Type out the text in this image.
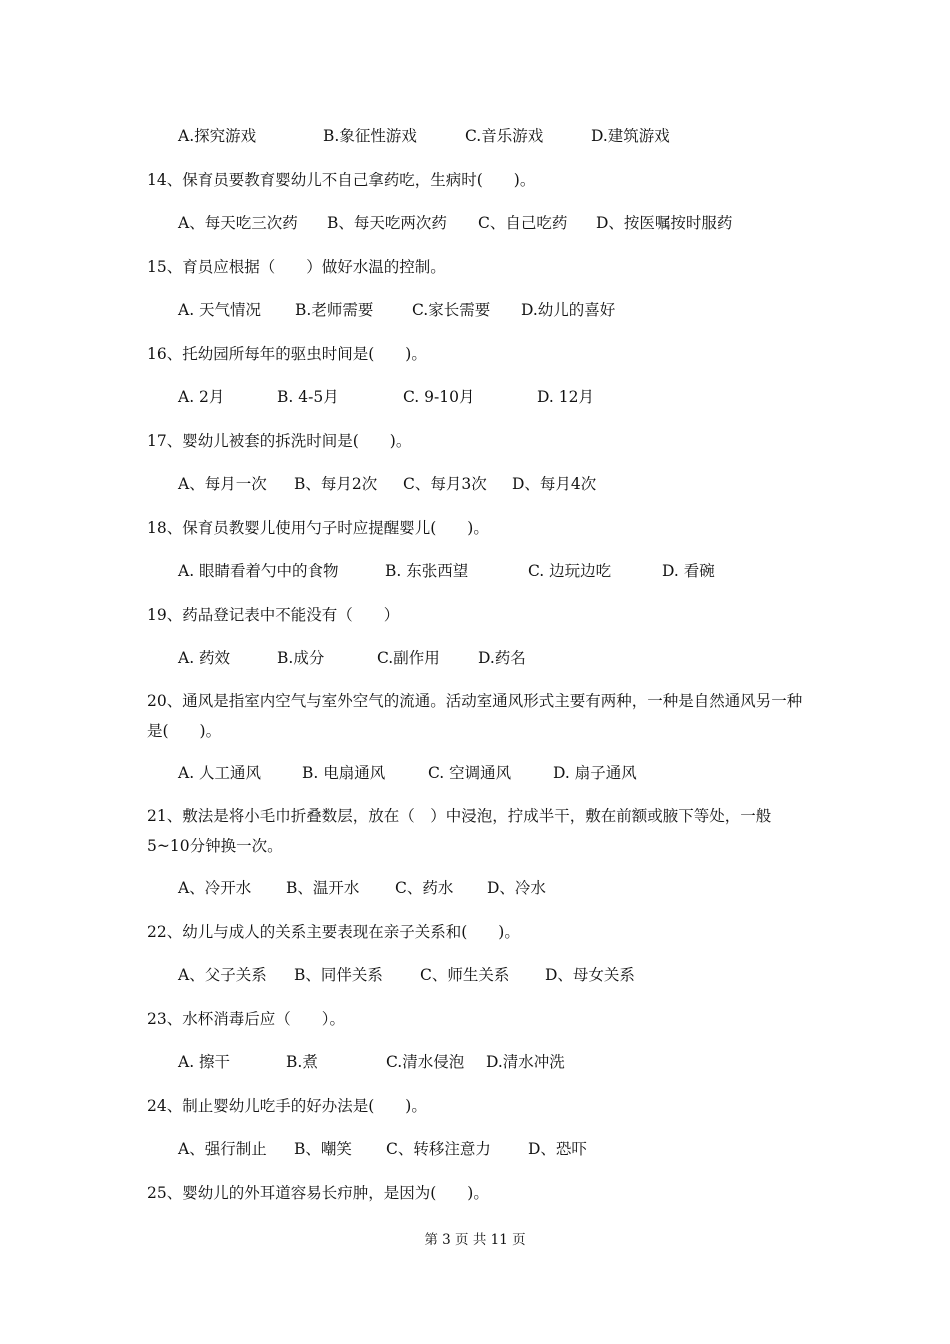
A.探究游戏	B.象征性游戏	C.音乐游戏	D.建筑游戏
14、保育员要教育婴幼儿不自己拿药吃，生病时(　　)。
A、每天吃三次药 B、每天吃两次药 C、自己吃药 D、按医嘱按时服药
15、育员应根据（　　）做好水温的控制。
A. 天气情况 B.老师需要 C.家长需要 D.幼儿的喜好
16、托幼园所每年的驱虫时间是(　　)。
A. 2月	B. 4-5月	C. 9-10月	D. 12月
17、婴幼儿被套的拆洗时间是(　　)。
A、每月一次 B、每月2次 C、每月3次 D、每月4次
18、保育员教婴儿使用勺子时应提醒婴儿(　　)。
A. 眼睛看着勺中的食物	B. 东张西望	C. 边玩边吃	D. 看碗
19、药品登记表中不能没有（　　）
A. 药效	B.成分	C.副作用 D.药名
20、通风是指室内空气与室外空气的流通。活动室通风形式主要有两种，一种是自然通风另一种是(　　)。
A. 人工通风	B. 电扇通风	C. 空调通风	D. 扇子通风
21、敷法是将小毛巾折叠数层，放在（　）中浸泡，拧成半干，敷在前额或腋下等处，一般5~10分钟换一次。
A、冷开水 B、温开水 C、药水 D、冷水
22、幼儿与成人的关系主要表现在亲子关系和(　　)。
A、父子关系 B、同伴关系 C、师生关系 D、母女关系
23、水杯消毒后应（　　）。
A. 擦干	B.煮	C.清水侵泡 D.清水冲洗
24、制止婴幼儿吃手的好办法是(　　)。
A、强行制止 B、嘲笑 C、转移注意力 D、恐吓
25、婴幼儿的外耳道容易长疖肿，是因为(　　)。
第 3 页 共 11 页
